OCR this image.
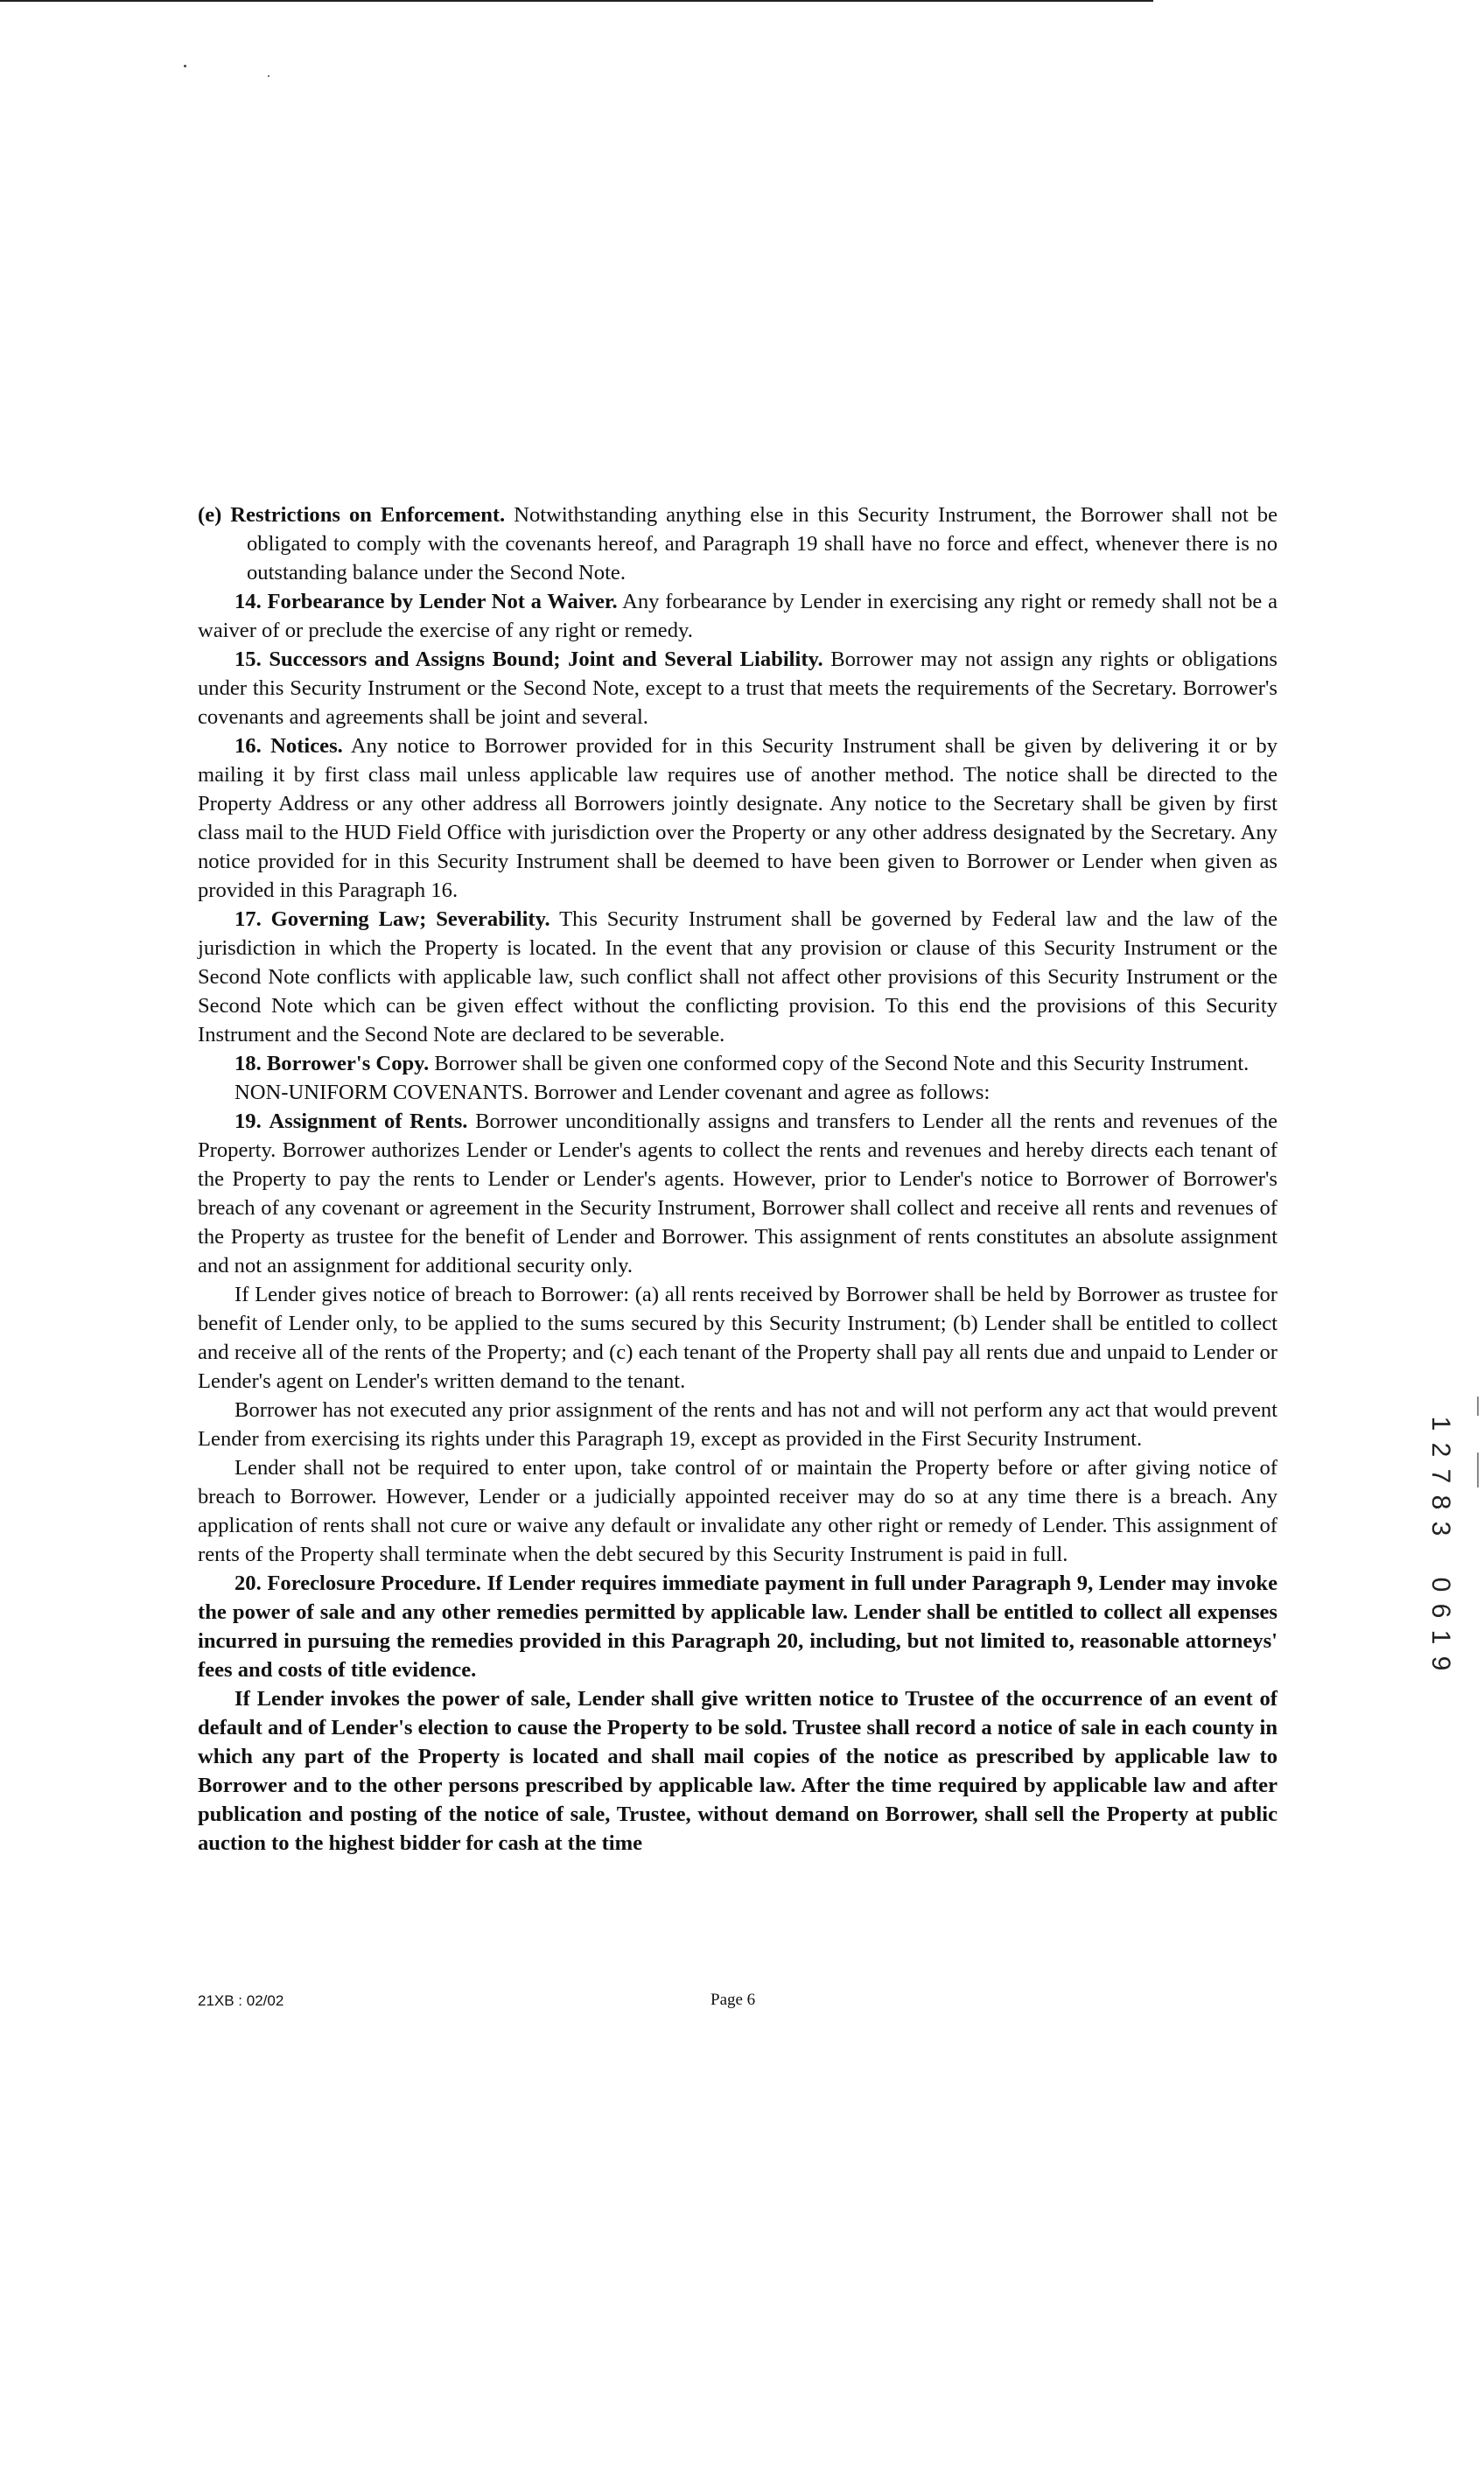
(e) Restrictions on Enforcement. Notwithstanding anything else in this Security Instrument, the Borrower shall not be obligated to comply with the covenants hereof, and Paragraph 19 shall have no force and effect, whenever there is no outstanding balance under the Second Note.

14. Forbearance by Lender Not a Waiver. Any forbearance by Lender in exercising any right or remedy shall not be a waiver of or preclude the exercise of any right or remedy.

15. Successors and Assigns Bound; Joint and Several Liability. Borrower may not assign any rights or obligations under this Security Instrument or the Second Note, except to a trust that meets the requirements of the Secretary. Borrower's covenants and agreements shall be joint and several.

16. Notices. Any notice to Borrower provided for in this Security Instrument shall be given by delivering it or by mailing it by first class mail unless applicable law requires use of another method. The notice shall be directed to the Property Address or any other address all Borrowers jointly designate. Any notice to the Secretary shall be given by first class mail to the HUD Field Office with jurisdiction over the Property or any other address designated by the Secretary. Any notice provided for in this Security Instrument shall be deemed to have been given to Borrower or Lender when given as provided in this Paragraph 16.

17. Governing Law; Severability. This Security Instrument shall be governed by Federal law and the law of the jurisdiction in which the Property is located. In the event that any provision or clause of this Security Instrument or the Second Note conflicts with applicable law, such conflict shall not affect other provisions of this Security Instrument or the Second Note which can be given effect without the conflicting provision. To this end the provisions of this Security Instrument and the Second Note are declared to be severable.

18. Borrower's Copy. Borrower shall be given one conformed copy of the Second Note and this Security Instrument.

NON-UNIFORM COVENANTS. Borrower and Lender covenant and agree as follows:

19. Assignment of Rents. Borrower unconditionally assigns and transfers to Lender all the rents and revenues of the Property. Borrower authorizes Lender or Lender's agents to collect the rents and revenues and hereby directs each tenant of the Property to pay the rents to Lender or Lender's agents. However, prior to Lender's notice to Borrower of Borrower's breach of any covenant or agreement in the Security Instrument, Borrower shall collect and receive all rents and revenues of the Property as trustee for the benefit of Lender and Borrower. This assignment of rents constitutes an absolute assignment and not an assignment for additional security only.

If Lender gives notice of breach to Borrower: (a) all rents received by Borrower shall be held by Borrower as trustee for benefit of Lender only, to be applied to the sums secured by this Security Instrument; (b) Lender shall be entitled to collect and receive all of the rents of the Property; and (c) each tenant of the Property shall pay all rents due and unpaid to Lender or Lender's agent on Lender's written demand to the tenant.

Borrower has not executed any prior assignment of the rents and has not and will not perform any act that would prevent Lender from exercising its rights under this Paragraph 19, except as provided in the First Security Instrument.

Lender shall not be required to enter upon, take control of or maintain the Property before or after giving notice of breach to Borrower. However, Lender or a judicially appointed receiver may do so at any time there is a breach. Any application of rents shall not cure or waive any default or invalidate any other right or remedy of Lender. This assignment of rents of the Property shall terminate when the debt secured by this Security Instrument is paid in full.

20. Foreclosure Procedure. If Lender requires immediate payment in full under Paragraph 9, Lender may invoke the power of sale and any other remedies permitted by applicable law. Lender shall be entitled to collect all expenses incurred in pursuing the remedies provided in this Paragraph 20, including, but not limited to, reasonable attorneys' fees and costs of title evidence.

If Lender invokes the power of sale, Lender shall give written notice to Trustee of the occurrence of an event of default and of Lender's election to cause the Property to be sold. Trustee shall record a notice of sale in each county in which any part of the Property is located and shall mail copies of the notice as prescribed by applicable law to Borrower and to the other persons prescribed by applicable law. After the time required by applicable law and after publication and posting of the notice of sale, Trustee, without demand on Borrower, shall sell the Property at public auction to the highest bidder for cash at the time

21XB : 02/02	Page 6
1
2
7
8
3
0
6
1
9
